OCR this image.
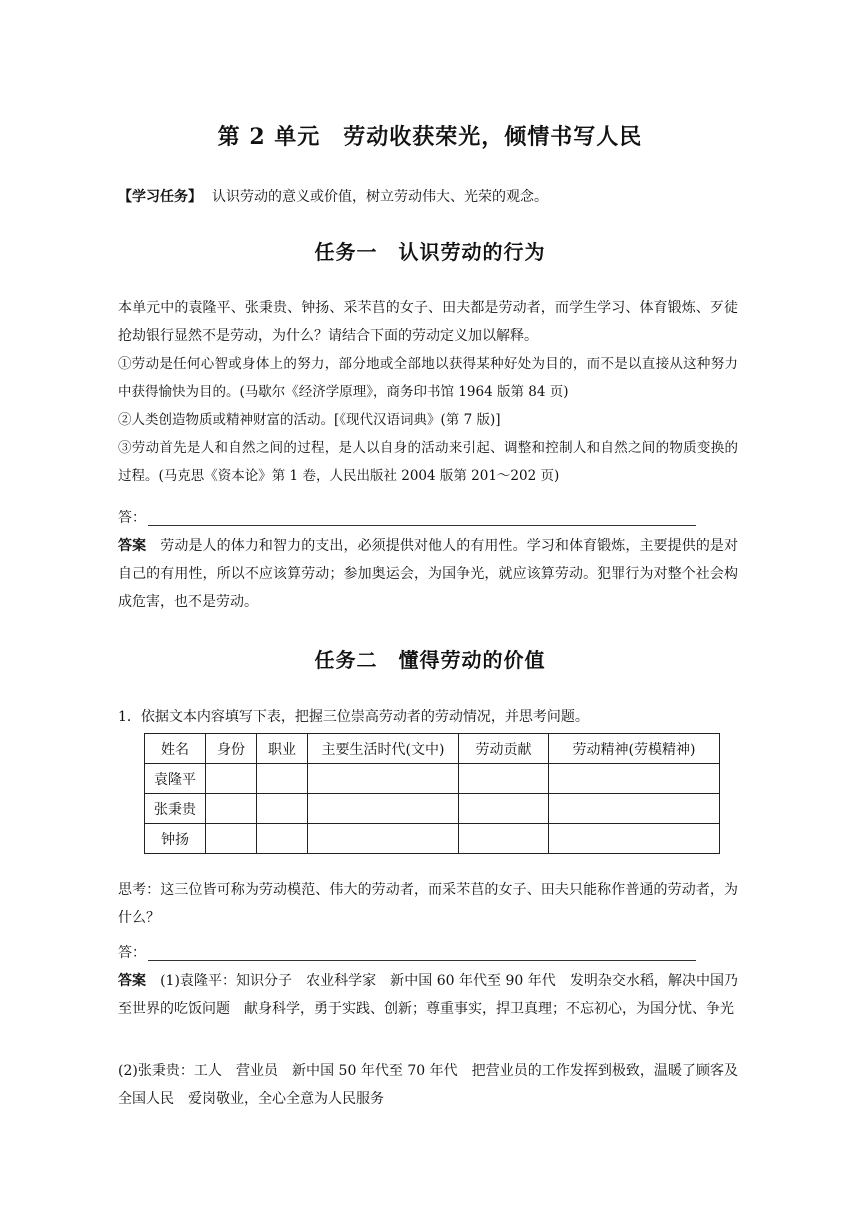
第 2 单元　劳动收获荣光，倾情书写人民
【学习任务】 认识劳动的意义或价值，树立劳动伟大、光荣的观念。
任务一　认识劳动的行为
本单元中的袁隆平、张秉贵、钟扬、采芣苢的女子、田夫都是劳动者，而学生学习、体育锻炼、歹徒抢劫银行显然不是劳动，为什么？请结合下面的劳动定义加以解释。
①劳动是任何心智或身体上的努力，部分地或全部地以获得某种好处为目的，而不是以直接从这种努力中获得愉快为目的。(马歇尔《经济学原理》，商务印书馆 1964 版第 84 页)
②人类创造物质或精神财富的活动。[《现代汉语词典》(第 7 版)]
③劳动首先是人和自然之间的过程，是人以自身的活动来引起、调整和控制人和自然之间的物质变换的过程。(马克思《资本论》第 1 卷，人民出版社 2004 版第 201～202 页)
答：
答案　 劳动是人的体力和智力的支出，必须提供对他人的有用性。学习和体育锻炼，主要提供的是对自己的有用性，所以不应该算劳动；参加奥运会，为国争光，就应该算劳动。犯罪行为对整个社会构成危害，也不是劳动。
任务二　懂得劳动的价值
1．依据文本内容填写下表，把握三位崇高劳动者的劳动情况，并思考问题。
姓名	身份	职业	主要生活时代(文中)	劳动贡献	劳动精神(劳模精神)
袁隆平					
张秉贵					
钟扬					
思考：这三位皆可称为劳动模范、伟大的劳动者，而采芣苢的女子、田夫只能称作普通的劳动者，为什么？
答：
答案　 (1)袁隆平：知识分子　农业科学家　新中国 60 年代至 90 年代　发明杂交水稻，解决中国乃至世界的吃饭问题　献身科学，勇于实践、创新；尊重事实，捍卫真理；不忘初心，为国分忧、争光
(2)张秉贵：工人　营业员　新中国 50 年代至 70 年代　把营业员的工作发挥到极致，温暖了顾客及全国人民　爱岗敬业，全心全意为人民服务
